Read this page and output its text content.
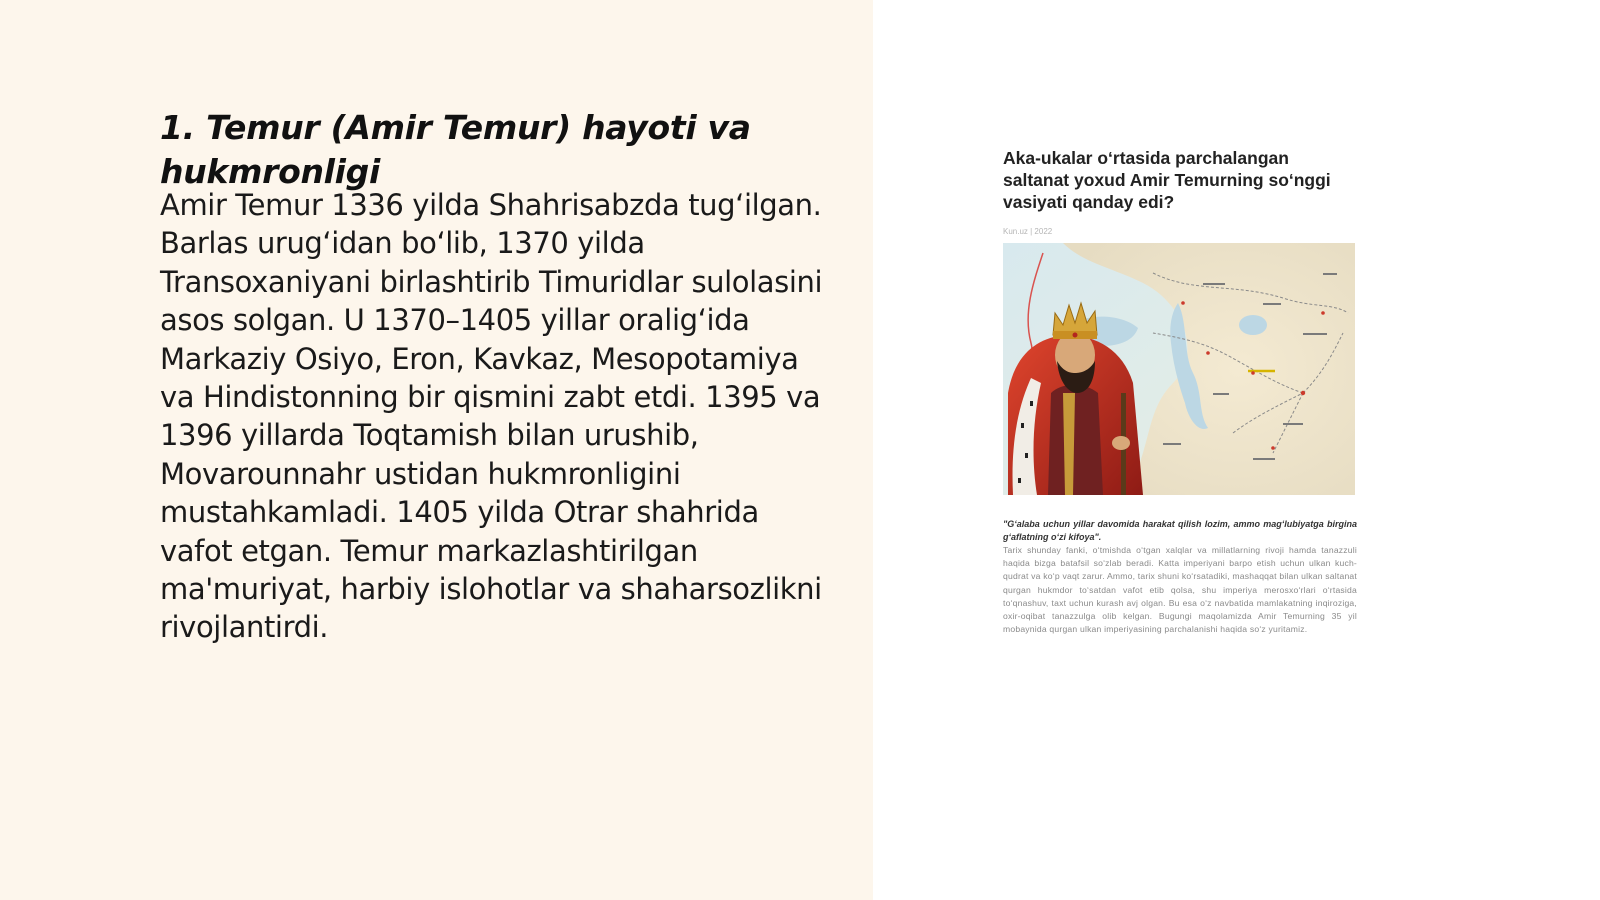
1. Temur (Amir Temur) hayoti va hukmronligi

Amir Temur 1336 yilda Shahrisabzda tug‘ilgan. Barlas urug‘idan bo‘lib, 1370 yilda Transoxaniyani birlashtirib Timuridlar sulolasini asos solgan. U 1370–1405 yillar oralig‘ida Markaziy Osiyo, Eron, Kavkaz, Mesopotamiya va Hindistonning bir qismini zabt etdi. 1395 va 1396 yillarda Toqtamish bilan urushib, Movarounnahr ustidan hukmronligini mustahkamladi. 1405 yilda Otrar shahrida vafot etgan. Temur markazlashtirilgan ma'muriyat, harbiy islohotlar va shaharsozlikni rivojlantirdi.

Aka-ukalar o‘rtasida parchalangan saltanat yoxud Amir Temurning so‘nggi vasiyati qanday edi?
Kun.uz | 2022

"G‘alaba uchun yillar davomida harakat qilish lozim, ammo mag‘lubiyatga birgina g‘aflatning o‘zi kifoya".

Tarix shunday fanki, o‘tmishda o‘tgan xalqlar va millatlarning rivoji hamda tanazzuli haqida bizga batafsil so‘zlab beradi. Katta imperiyani barpo etish uchun ulkan kuch-qudrat va ko‘p vaqt zarur. Ammo, tarix shuni ko‘rsatadiki, mashaqqat bilan ulkan saltanat qurgan hukmdor to‘satdan vafot etib qolsa, shu imperiya merosxo‘rlari o‘rtasida to‘qnashuv, taxt uchun kurash avj olgan. Bu esa o‘z navbatida mamlakatning inqiroziga, oxir-oqibat tanazzulga olib kelgan. Bugungi maqolamizda Amir Temurning 35 yil mobaynida qurgan ulkan imperiyasining parchalanishi haqida so‘z yuritamiz.
